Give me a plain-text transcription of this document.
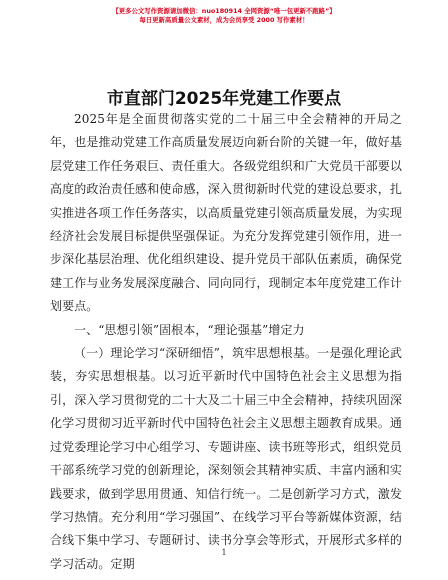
【更多公文写作资源请加微信：nuo180914 全网资源“唯一包更新不跑路”】
每日更新高质量公文素材，成为会员享受 2000 写作素材！
市直部门2025年党建工作要点

2025年是全面贯彻落实党的二十届三中全会精神的开局之年，也是推动党建工作高质量发展迈向新台阶的关键一年，做好基层党建工作任务艰巨、责任重大。各级党组织和广大党员干部要以高度的政治责任感和使命感，深入贯彻新时代党的建设总要求，扎实推进各项工作任务落实，以高质量党建引领高质量发展，为实现经济社会发展目标提供坚强保证。为充分发挥党建引领作用，进一步深化基层治理、优化组织建设、提升党员干部队伍素质，确保党建工作与业务发展深度融合、同向同行，现制定本年度党建工作计划要点。

一、“思想引领”固根本，“理论强基”增定力

（一）理论学习“深研细悟”，筑牢思想根基。一是强化理论武装，夯实思想根基。以习近平新时代中国特色社会主义思想为指引，深入学习贯彻党的二十大及二十届三中全会精神，持续巩固深化学习贯彻习近平新时代中国特色社会主义思想主题教育成果。通过党委理论学习中心组学习、专题讲座、读书班等形式，组织党员干部系统学习党的创新理论，深刻领会其精神实质、丰富内涵和实践要求，做到学思用贯通、知信行统一。二是创新学习方式，激发学习热情。充分利用“学习强国”、在线学习平台等新媒体资源，结合线下集中学习、专题研讨、读书分享会等形式，开展形式多样的学习活动。定期

1
